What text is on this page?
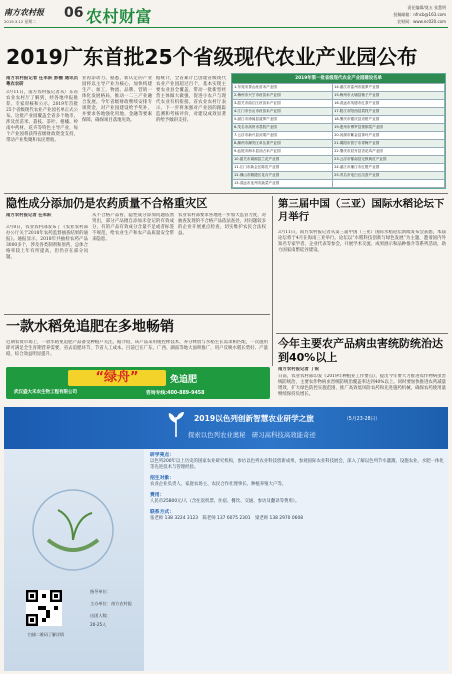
南方农村报
2019.3.12 星期二
06 农村财富	责任编辑/莫五 张慧明
投稿邮箱：nfncb@163.com
农财网：www.nc020.com
2019广东首批25个省级现代农业产业园公布
南方农村报记者 任军跃 彭棚 通讯员 粤农农研
3月11日，南方农村报记者从广东省农业农村厅了解到，经各地申报推荐、专家审核和公示，2019年首批25个省级现代农业产业园名单正式公布。这批产业园覆盖全省多个地市，涉及丝苗米、荔枝、茶叶、柑橘、岭南中药材、花卉等特色主导产业，每个产业园将获得省级财政资金支持，带动产业集聚和农民增收。
业再添动力。据悉，新认定的产业园将以主导产业为核心，加快构建生产、加工、物流、品牌、营销一体化发展格局，推动一二三产业融合发展。今年省级财政继续安排专项资金，对产业园建设给予奖补，并要求各地强化用地、金融等要素保障，确保项目落地见效。
据统计，全省累计已创建省级现代农业产业园超过百个，基本实现主要农业县全覆盖，带动一批新型经营主体做大做强，促进小农户与现代农业有机衔接。省农业农村厅表示，下一步将加强对产业园的跟踪监测和考核评价，对建设成效显著的给予倾斜支持。
2019年第一批省级现代农业产业园建设名单
1.东莞市茶山丝苗米产业园	14.湛江市雷州市菠萝产业园
2.梅州市兴宁市丝苗米产业园	15.梅州市大埔县柚子产业园
3.韶关市曲江区丝苗米产业园	16.清远市英德市红茶产业园
4.江门市台山市丝苗米产业园	17.阳江市阳西县荔枝产业园
5.湛江市徐闻县菠萝产业园	18.肇庆市德庆县贡柑产业园
6.茂名市高州市荔枝产业园	19.惠州市博罗县预制菜产业园
7.云浮市新兴县凉果产业园	20.河源市紫金县茶叶产业园
8.潮州市潮安区单丛茶产业园	21.揭阳市普宁市青梅产业园
9.汕尾市海丰县油占米产业园	22.肇庆市封开县杏花鸡产业园
10.韶关市翁源县兰花产业园	23.云浮市郁南县无核黄皮产业园
11.江门市新会区陈皮产业园	24.湛江市廉江市红橙产业园
12.佛山市顺德区花卉产业园	25.茂名市电白区沉香产业园
13.清远市连州市蔬菜产业园	
隐性成分添加仍是农药质量不合格重灾区
南方农村报记者 任军跃
3月8日，农业农村部发布了《农业农村部办公厅关于2018年农药监督抽查结果的通报》。通报显示，2018年共抽检农药产品3000多个，涉及各类制剂和原药，总体合格率较上年有所提高，但仍存在部分问题。
从不合格产品看，隐性成分添加问题依然突出，部分产品擅自添加未登记的有效成分，有的产品有效成分含量不足或者标签不规范，给农业生产和农产品质量安全带来隐患。
农业农村部要求各地进一步加大监管力度，对抽查发现的不合格产品依法查处，对问题较多的企业开展重点检查，切实维护农民合法权益。
第三届中国（三亚）国际水稻论坛下月举行
3月11日，南方农村报记者从第三届中国（三亚）国际水稻论坛新闻发布会获悉，本届论坛将于4月在海南三亚举行。论坛以“水稻科技创新与绿色发展”为主题，邀请国内外知名专家学者、企业代表等参会，开展学术交流、成果展示和品种推介等系列活动，助力国家南繁硅谷建设。
一款水稻免追肥在多地畅销
近期农资市场上，一款水稻免追肥产品备受种植户关注。据介绍，该产品采用缓控释技术，养分释放与水稻生长需求相匹配，一次施用即可满足全生育期营养需要，省去追肥环节，节省人工成本。目前已在广东、广西、湖南等地大面积推广，用户反映水稻长势好、产量稳，综合效益明显提升。
“绿舟”	免追肥
武汉盛大禾农生物工程有限公司	咨询专线:400-889-9458
今年主要农产品病虫害统防统治达到40%以上
南方农村报记者 丁锐
日前，农业农村部印发《2019年种植业工作要点》，提出今年要大力推进农作物病虫害统防统治，主要农作物病虫害统防统治覆盖率达到40%以上。同时要加快推进农药减量增效，扩大绿色防控实施范围，推广高效低风险农药和先进施药机械，确保农药使用量继续保持负增长。
2019以色列创新智慧农业研学之旅	（5月23-28日）
探索以色列农业奥秘　研习高科技高效能奇迹
研学亮点：
以色列200年以上历史的国家农业研究机构，参访以色列农业科技创新成果，参观国际农业科技展会，深入了解以色列节水灌溉、设施农业、水肥一体化等先进技术与管理经验。
招生对象：
农业企业负责人、家庭农场主、农民合作社理事长、种植养殖大户等。
费用：
人民币25800元/人（含往返机票、住宿、餐饮、交通、参访及翻译等费用）。
联系方式：
张老师 138 3224 3123　陈老师 137 6075 2301　梁老师 138 2970 0608
扫描二维码了解详情
指导单位：
主办单位：南方农村报
出团人数：
20-25人
